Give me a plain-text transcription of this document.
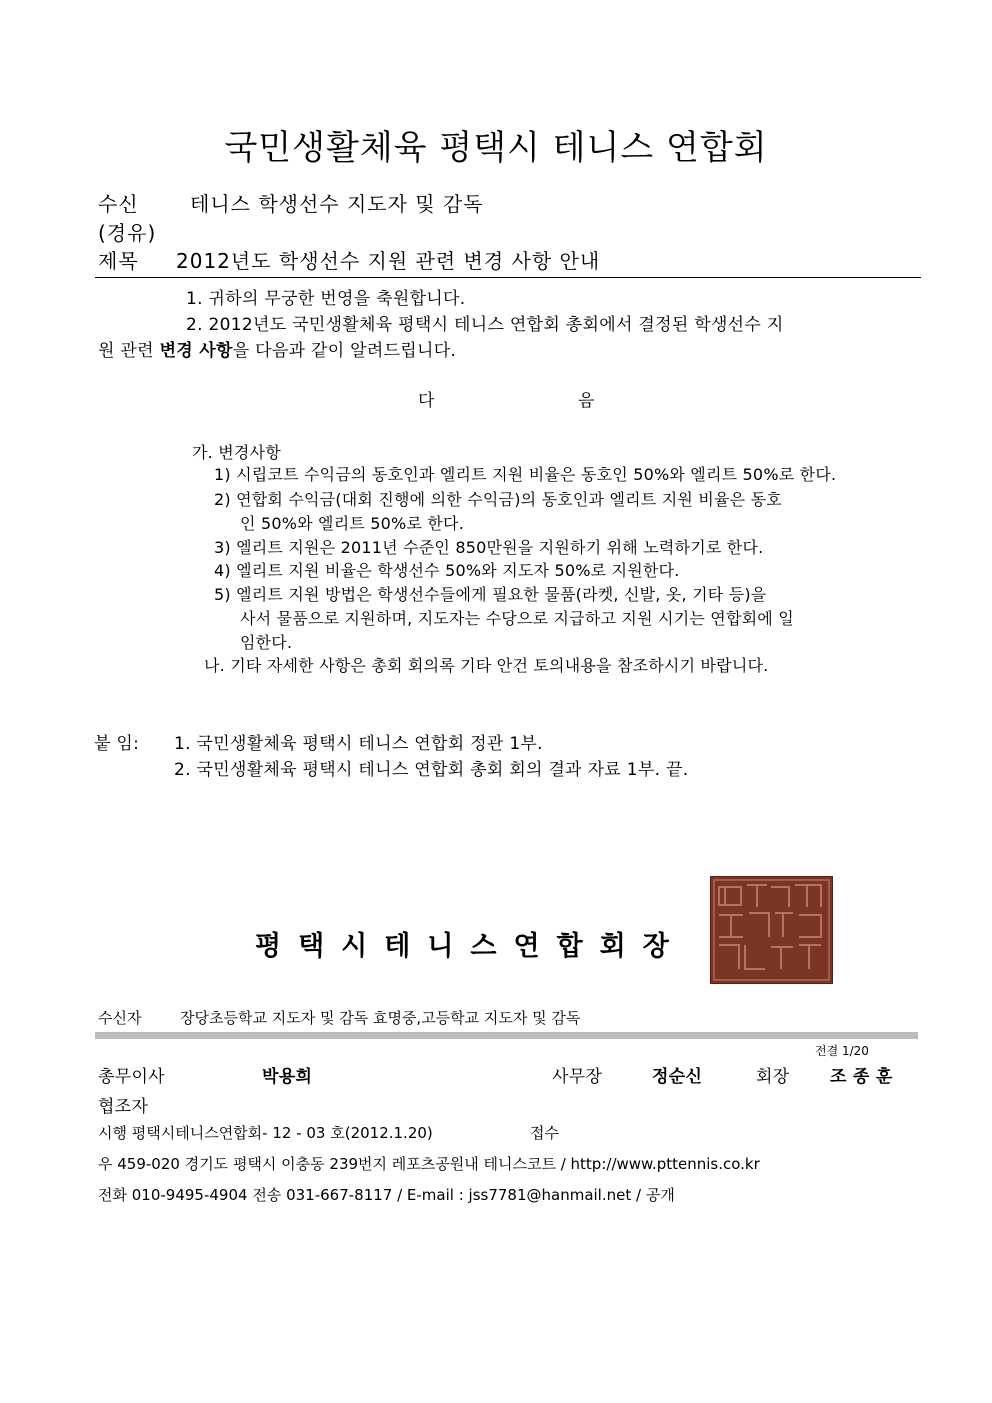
국민생활체육 평택시 테니스 연합회
수신	테니스 학생선수 지도자 및 감독
(경유)
제목 2012년도 학생선수 지원 관련 변경 사항 안내
1. 귀하의 무궁한 번영을 축원합니다.
2. 2012년도 국민생활체육 평택시 테니스 연합회 총회에서 결정된 학생선수 지
원 관련 변경 사항을 다음과 같이 알려드립니다.
다	음
가. 변경사항
1) 시립코트 수익금의 동호인과 엘리트 지원 비율은 동호인 50%와 엘리트 50%로 한다.
2) 연합회 수익금(대회 진행에 의한 수익금)의 동호인과 엘리트 지원 비율은 동호
인 50%와 엘리트 50%로 한다.
3) 엘리트 지원은 2011년 수준인 850만원을 지원하기 위해 노력하기로 한다.
4) 엘리트 지원 비율은 학생선수 50%와 지도자 50%로 지원한다.
5) 엘리트 지원 방법은 학생선수들에게 필요한 물품(라켓, 신발, 옷, 기타 등)을
사서 물품으로 지원하며, 지도자는 수당으로 지급하고 지원 시기는 연합회에 일
임한다.
나. 기타 자세한 사항은 총회 회의록 기타 안건 토의내용을 참조하시기 바랍니다.
붙 임: 1. 국민생활체육 평택시 테니스 연합회 정관 1부.
2. 국민생활체육 평택시 테니스 연합회 총회 회의 결과 자료 1부. 끝.
평택시테니스연합회장
수신자	장당초등학교 지도자 및 감독 효명중,고등학교 지도자 및 감독
전결 1/20
총무이사	박용희	사무장	정순신	회장 조 종 훈
협조자
시행 평택시테니스연합회- 12 - 03 호(2012.1.20)	접수
우 459-020 경기도 평택시 이충동 239번지 레포츠공원내 테니스코트 / http://www.pttennis.co.kr
전화 010-9495-4904 전송 031-667-8117 / E-mail : jss7781@hanmail.net / 공개
